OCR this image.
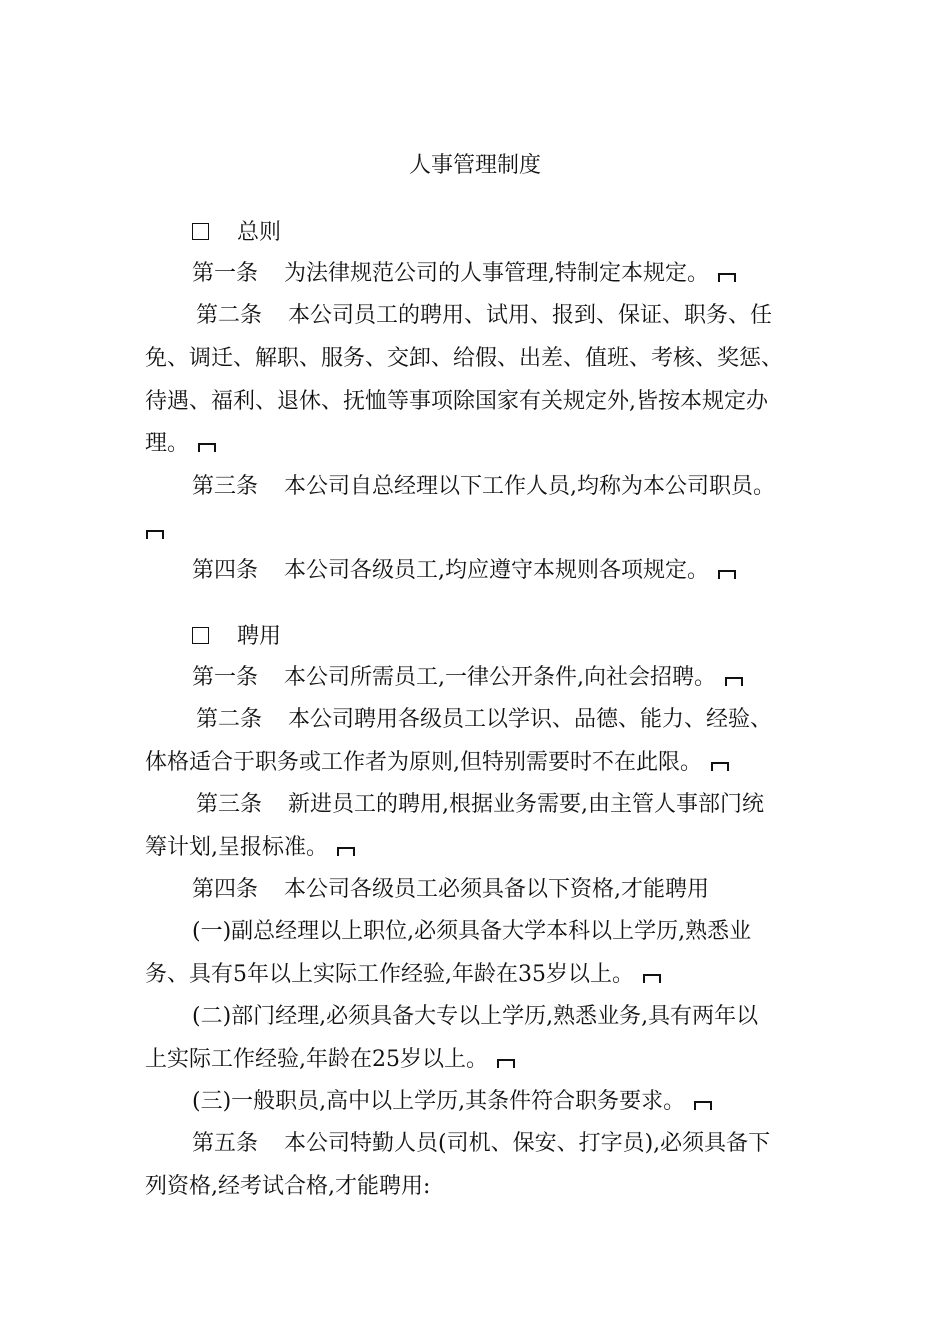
人事管理制度
总则
第一条 为法律规范公司的人事管理,特制定本规定。
第二条 本公司员工的聘用、试用、报到、保证、职务、任
免、调迁、解职、服务、交卸、给假、出差、值班、考核、奖惩、
待遇、福利、退休、抚恤等事项除国家有关规定外,皆按本规定办
理。
第三条 本公司自总经理以下工作人员,均称为本公司职员。
第四条 本公司各级员工,均应遵守本规则各项规定。
聘用
第一条 本公司所需员工,一律公开条件,向社会招聘。
第二条 本公司聘用各级员工以学识、品德、能力、经验、
体格适合于职务或工作者为原则,但特别需要时不在此限。
第三条 新进员工的聘用,根据业务需要,由主管人事部门统
筹计划,呈报标准。
第四条 本公司各级员工必须具备以下资格,才能聘用
(一)副总经理以上职位,必须具备大学本科以上学历,熟悉业
务、具有5年以上实际工作经验,年龄在35岁以上。
(二)部门经理,必须具备大专以上学历,熟悉业务,具有两年以
上实际工作经验,年龄在25岁以上。
(三)一般职员,高中以上学历,其条件符合职务要求。
第五条 本公司特勤人员(司机、保安、打字员),必须具备下
列资格,经考试合格,才能聘用:
